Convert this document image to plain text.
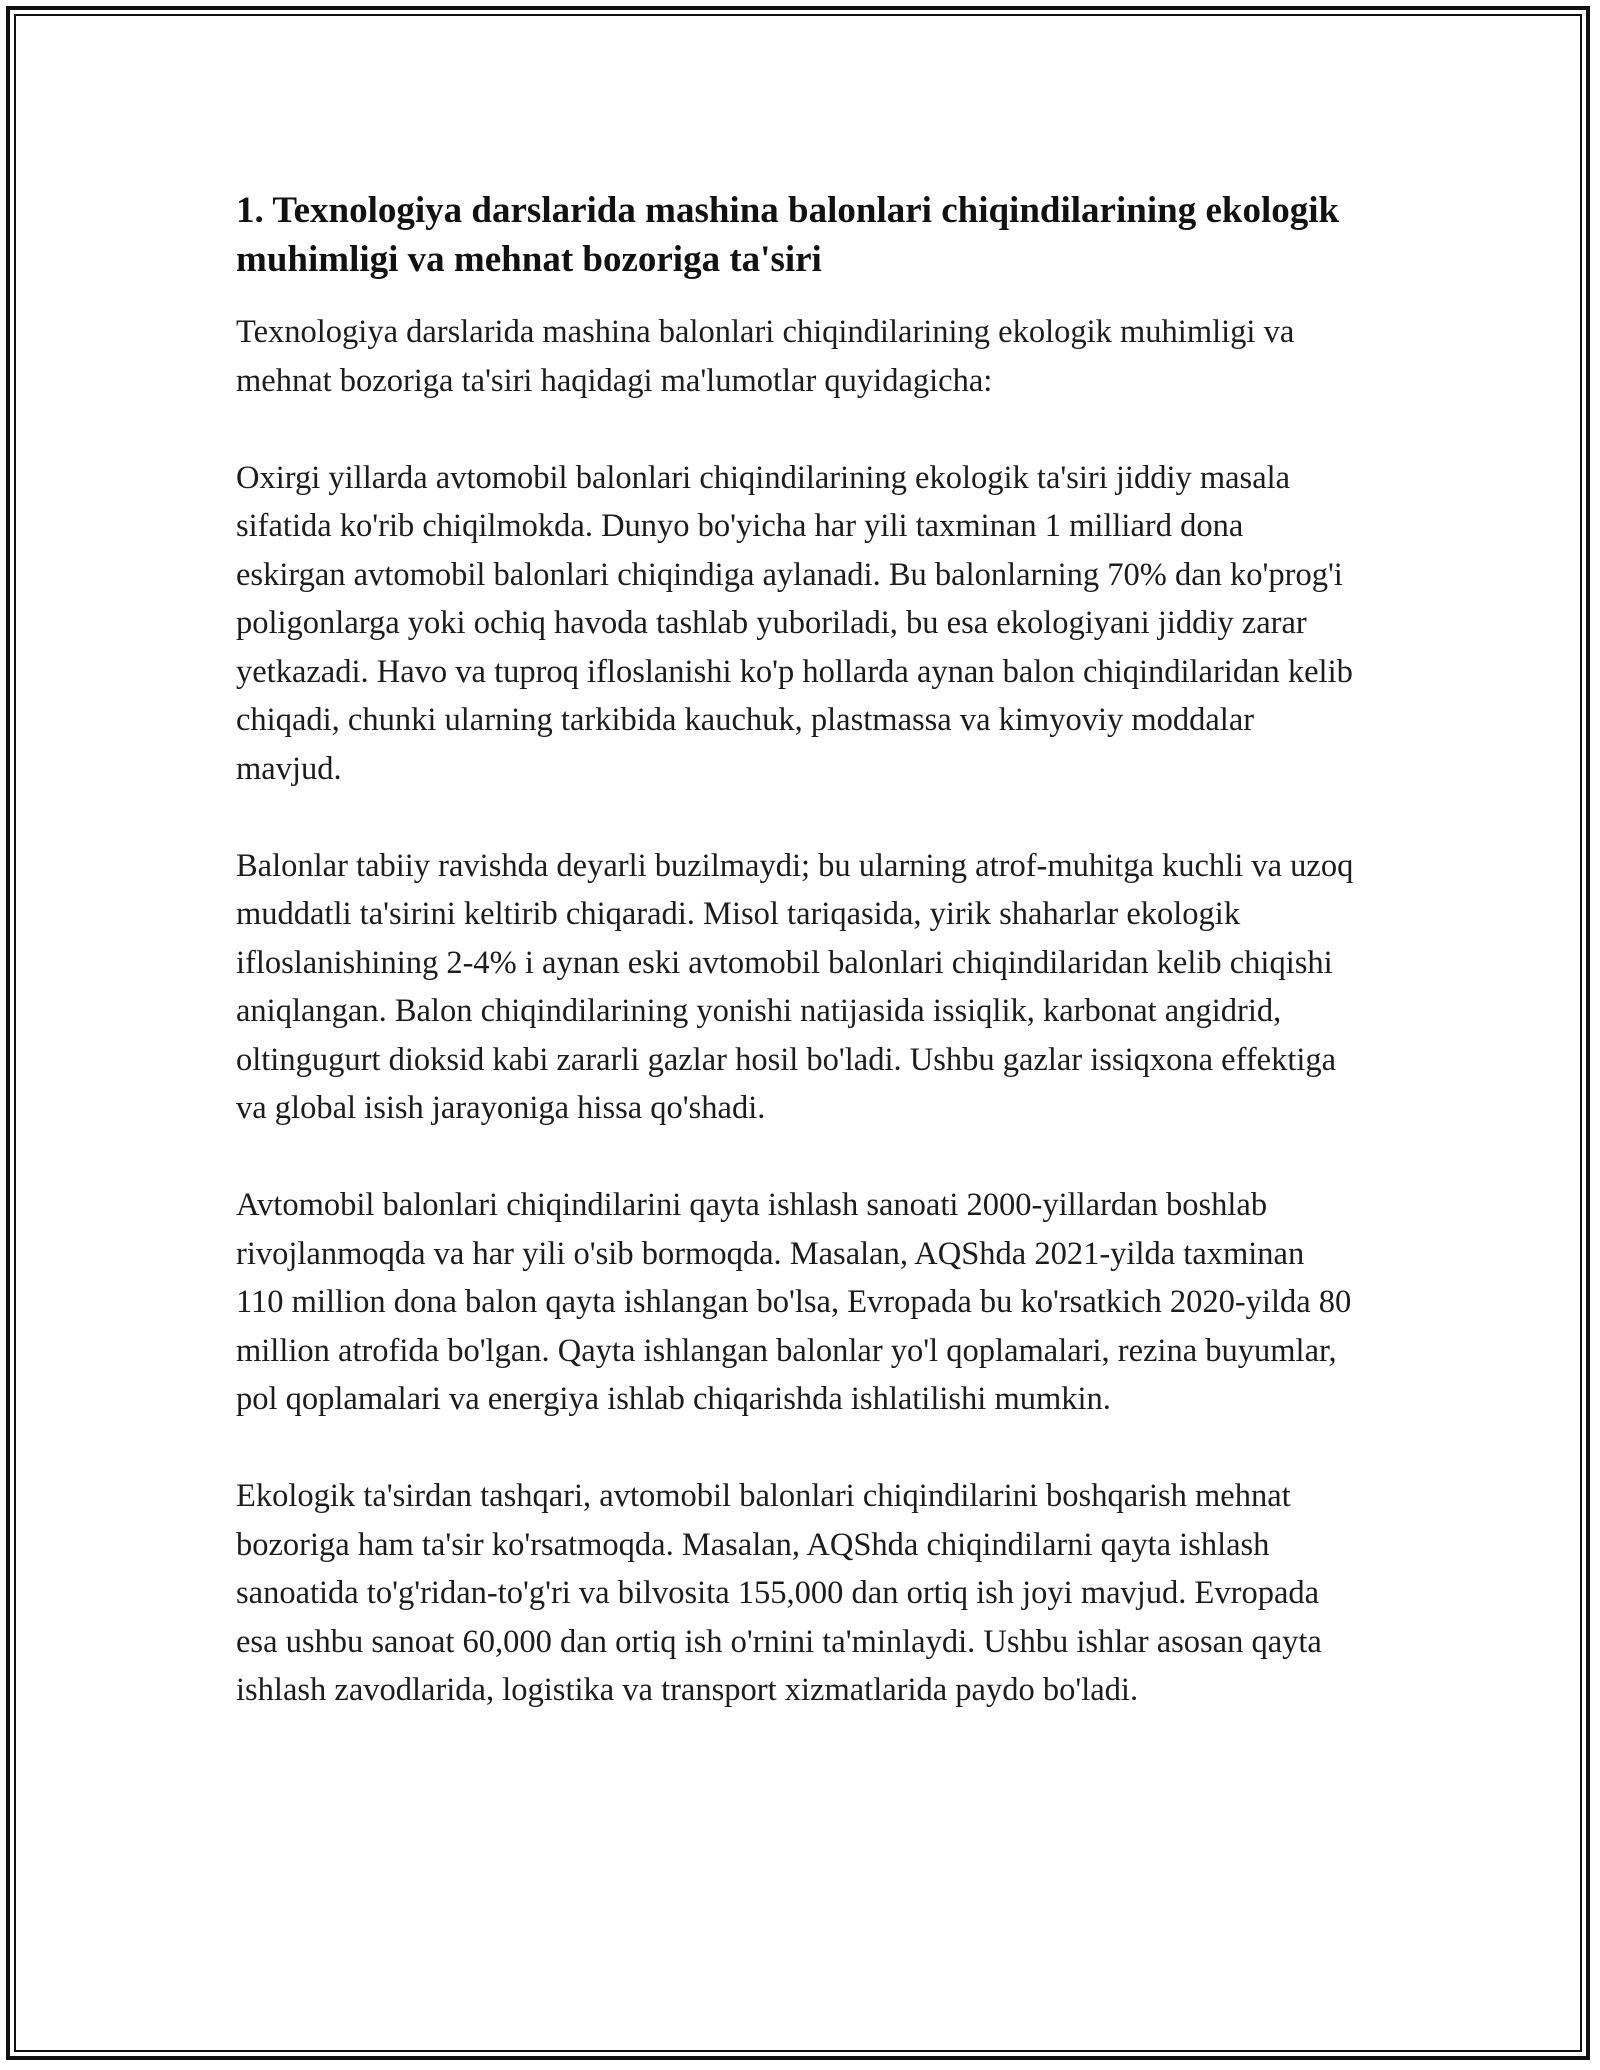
1. Texnologiya darslarida mashina balonlari chiqindilarining ekologik muhimligi va mehnat bozoriga ta'siri

Texnologiya darslarida mashina balonlari chiqindilarining ekologik muhimligi va mehnat bozoriga ta'siri haqidagi ma'lumotlar quyidagicha:

Oxirgi yillarda avtomobil balonlari chiqindilarining ekologik ta'siri jiddiy masala sifatida ko'rib chiqilmokda. Dunyo bo'yicha har yili taxminan 1 milliard dona eskirgan avtomobil balonlari chiqindiga aylanadi. Bu balonlarning 70% dan ko'prog'i poligonlarga yoki ochiq havoda tashlab yuboriladi, bu esa ekologiyani jiddiy zarar yetkazadi. Havo va tuproq ifloslanishi ko'p hollarda aynan balon chiqindilaridan kelib chiqadi, chunki ularning tarkibida kauchuk, plastmassa va kimyoviy moddalar mavjud.

Balonlar tabiiy ravishda deyarli buzilmaydi; bu ularning atrof-muhitga kuchli va uzoq muddatli ta'sirini keltirib chiqaradi. Misol tariqasida, yirik shaharlar ekologik ifloslanishining 2-4% i aynan eski avtomobil balonlari chiqindilaridan kelib chiqishi aniqlangan. Balon chiqindilarining yonishi natijasida issiqlik, karbonat angidrid, oltingugurt dioksid kabi zararli gazlar hosil bo'ladi. Ushbu gazlar issiqxona effektiga va global isish jarayoniga hissa qo'shadi.

Avtomobil balonlari chiqindilarini qayta ishlash sanoati 2000-yillardan boshlab rivojlanmoqda va har yili o'sib bormoqda. Masalan, AQShda 2021-yilda taxminan 110 million dona balon qayta ishlangan bo'lsa, Evropada bu ko'rsatkich 2020-yilda 80 million atrofida bo'lgan. Qayta ishlangan balonlar yo'l qoplamalari, rezina buyumlar, pol qoplamalari va energiya ishlab chiqarishda ishlatilishi mumkin.

Ekologik ta'sirdan tashqari, avtomobil balonlari chiqindilarini boshqarish mehnat bozoriga ham ta'sir ko'rsatmoqda. Masalan, AQShda chiqindilarni qayta ishlash sanoatida to'g'ridan-to'g'ri va bilvosita 155,000 dan ortiq ish joyi mavjud. Evropada esa ushbu sanoat 60,000 dan ortiq ish o'rnini ta'minlaydi. Ushbu ishlar asosan qayta ishlash zavodlarida, logistika va transport xizmatlarida paydo bo'ladi.
